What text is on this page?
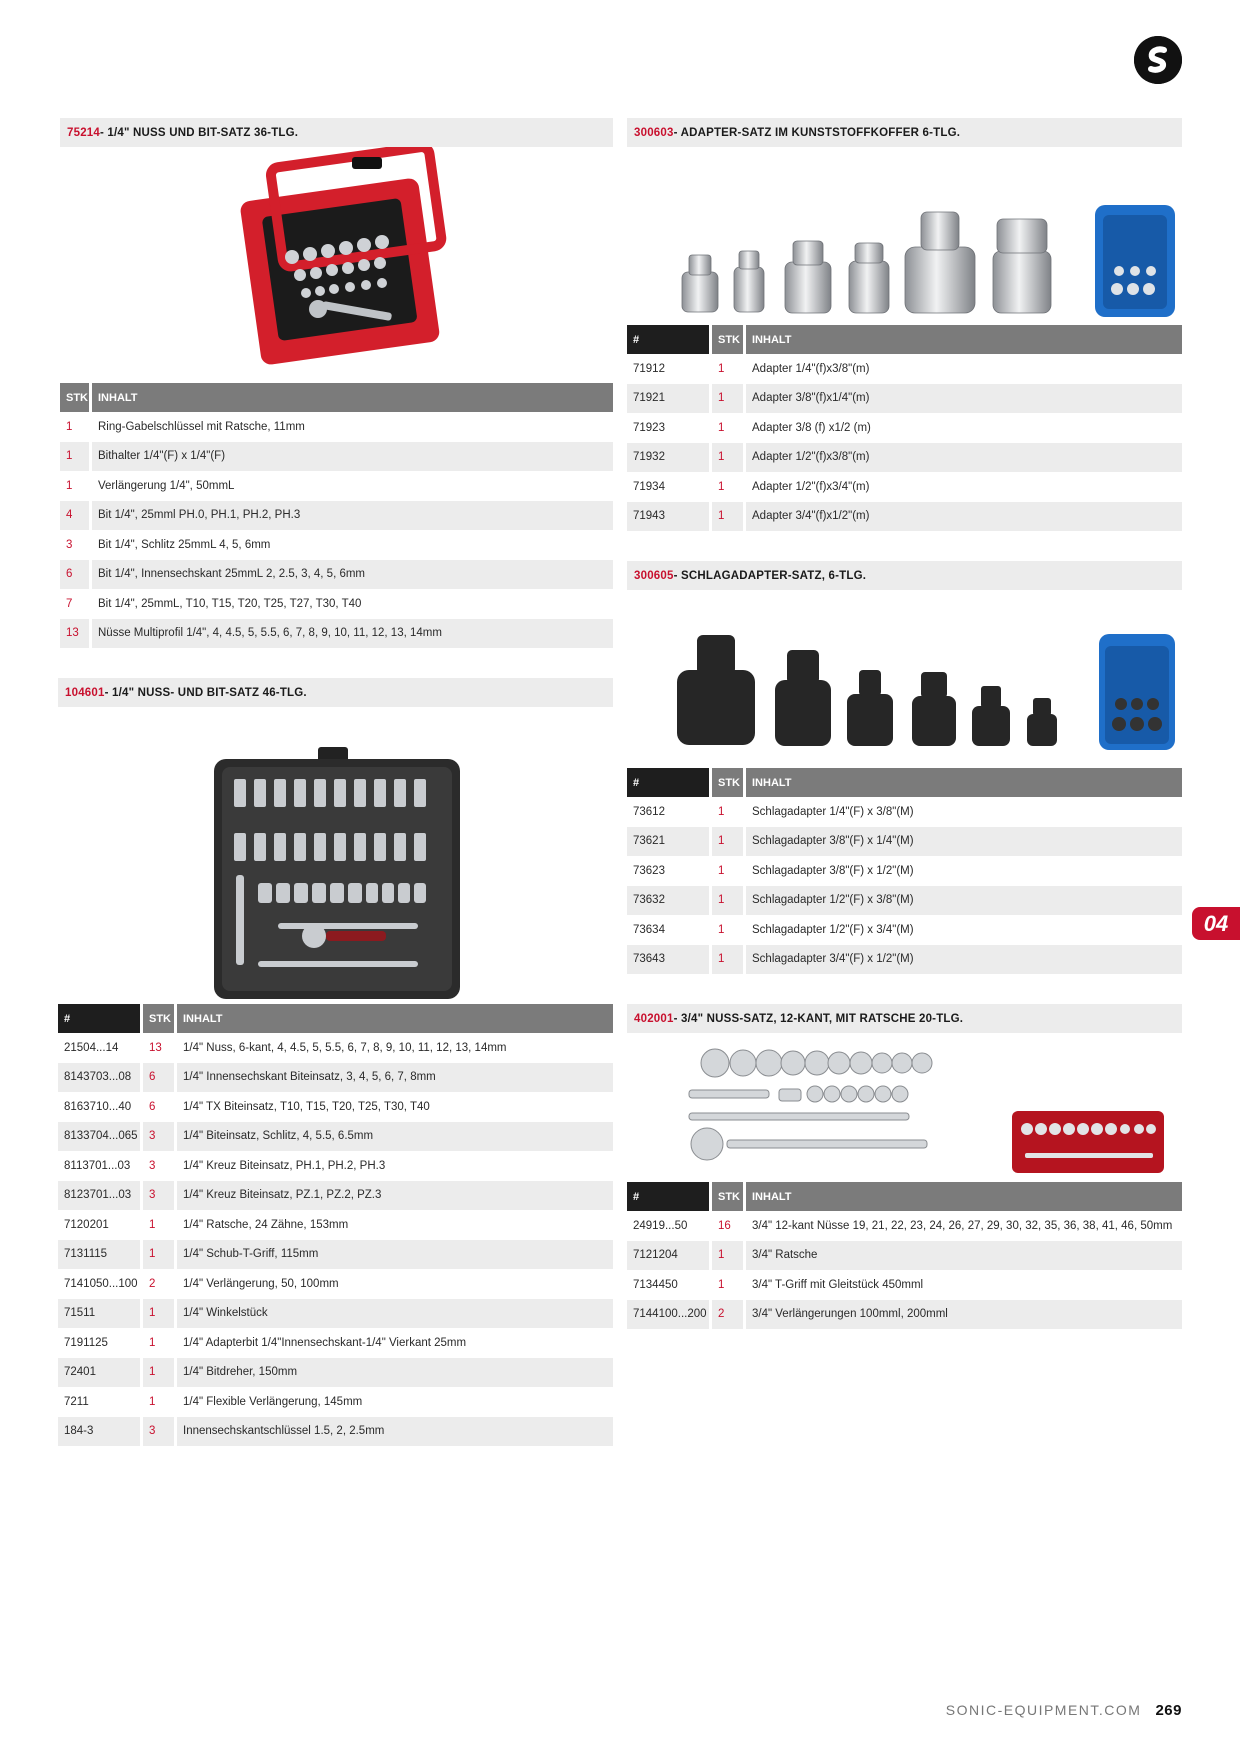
75214 - 1/4" NUSS UND BIT-SATZ 36-TLG.
STK	INHALT
1	Ring-Gabelschlüssel mit Ratsche, 11mm
1	Bithalter 1/4"(F) x 1/4"(F)
1	Verlängerung 1/4", 50mmL
4	Bit 1/4", 25mml PH.0, PH.1, PH.2, PH.3
3	Bit 1/4", Schlitz 25mmL 4, 5, 6mm
6	Bit 1/4", Innensechskant 25mmL 2, 2.5, 3, 4, 5, 6mm
7	Bit 1/4", 25mmL, T10, T15, T20, T25, T27, T30, T40
13	Nüsse Multiprofil 1/4", 4, 4.5, 5, 5.5, 6, 7, 8, 9, 10, 11, 12, 13, 14mm
104601 - 1/4" NUSS- UND BIT-SATZ 46-TLG.
#	STK	INHALT
21504...14	13	1/4" Nuss, 6-kant, 4, 4.5, 5, 5.5, 6, 7, 8, 9, 10, 11, 12, 13, 14mm
8143703...08	6	1/4" Innensechskant Biteinsatz, 3, 4, 5, 6, 7, 8mm
8163710...40	6	1/4" TX Biteinsatz, T10, T15, T20, T25, T30, T40
8133704...065	3	1/4" Biteinsatz, Schlitz, 4, 5.5, 6.5mm
8113701...03	3	1/4" Kreuz Biteinsatz, PH.1, PH.2, PH.3
8123701...03	3	1/4" Kreuz Biteinsatz, PZ.1, PZ.2, PZ.3
7120201	1	1/4" Ratsche, 24 Zähne, 153mm
7131115	1	1/4" Schub-T-Griff, 115mm
7141050...100	2	1/4" Verlängerung, 50, 100mm
71511	1	1/4" Winkelstück
7191125	1	1/4" Adapterbit 1/4"Innensechskant-1/4" Vierkant 25mm
72401	1	1/4" Bitdreher, 150mm
7211	1	1/4" Flexible Verlängerung, 145mm
184-3	3	Innensechskantschlüssel 1.5, 2, 2.5mm
300603 - ADAPTER-SATZ IM KUNSTSTOFFKOFFER 6-TLG.
#	STK	INHALT
71912	1	Adapter 1/4"(f)x3/8"(m)
71921	1	Adapter 3/8"(f)x1/4"(m)
71923	1	Adapter 3/8 (f) x1/2 (m)
71932	1	Adapter 1/2"(f)x3/8"(m)
71934	1	Adapter 1/2"(f)x3/4"(m)
71943	1	Adapter 3/4"(f)x1/2"(m)
300605 - SCHLAGADAPTER-SATZ, 6-TLG.
#	STK	INHALT
73612	1	Schlagadapter 1/4"(F) x 3/8"(M)
73621	1	Schlagadapter 3/8"(F) x 1/4"(M)
73623	1	Schlagadapter 3/8"(F) x 1/2"(M)
73632	1	Schlagadapter 1/2"(F) x 3/8"(M)
73634	1	Schlagadapter 1/2"(F) x 3/4"(M)
73643	1	Schlagadapter 3/4"(F) x 1/2"(M)
402001 - 3/4" NUSS-SATZ, 12-KANT, MIT RATSCHE 20-TLG.
#	STK	INHALT
24919...50	16	3/4" 12-kant Nüsse 19, 21, 22, 23, 24, 26, 27, 29, 30, 32, 35, 36, 38, 41, 46, 50mm
7121204	1	3/4" Ratsche
7134450	1	3/4" T-Griff mit Gleitstück 450mml
7144100...200	2	3/4" Verlängerungen 100mml, 200mml
04
SONIC-EQUIPMENT.COM 269
